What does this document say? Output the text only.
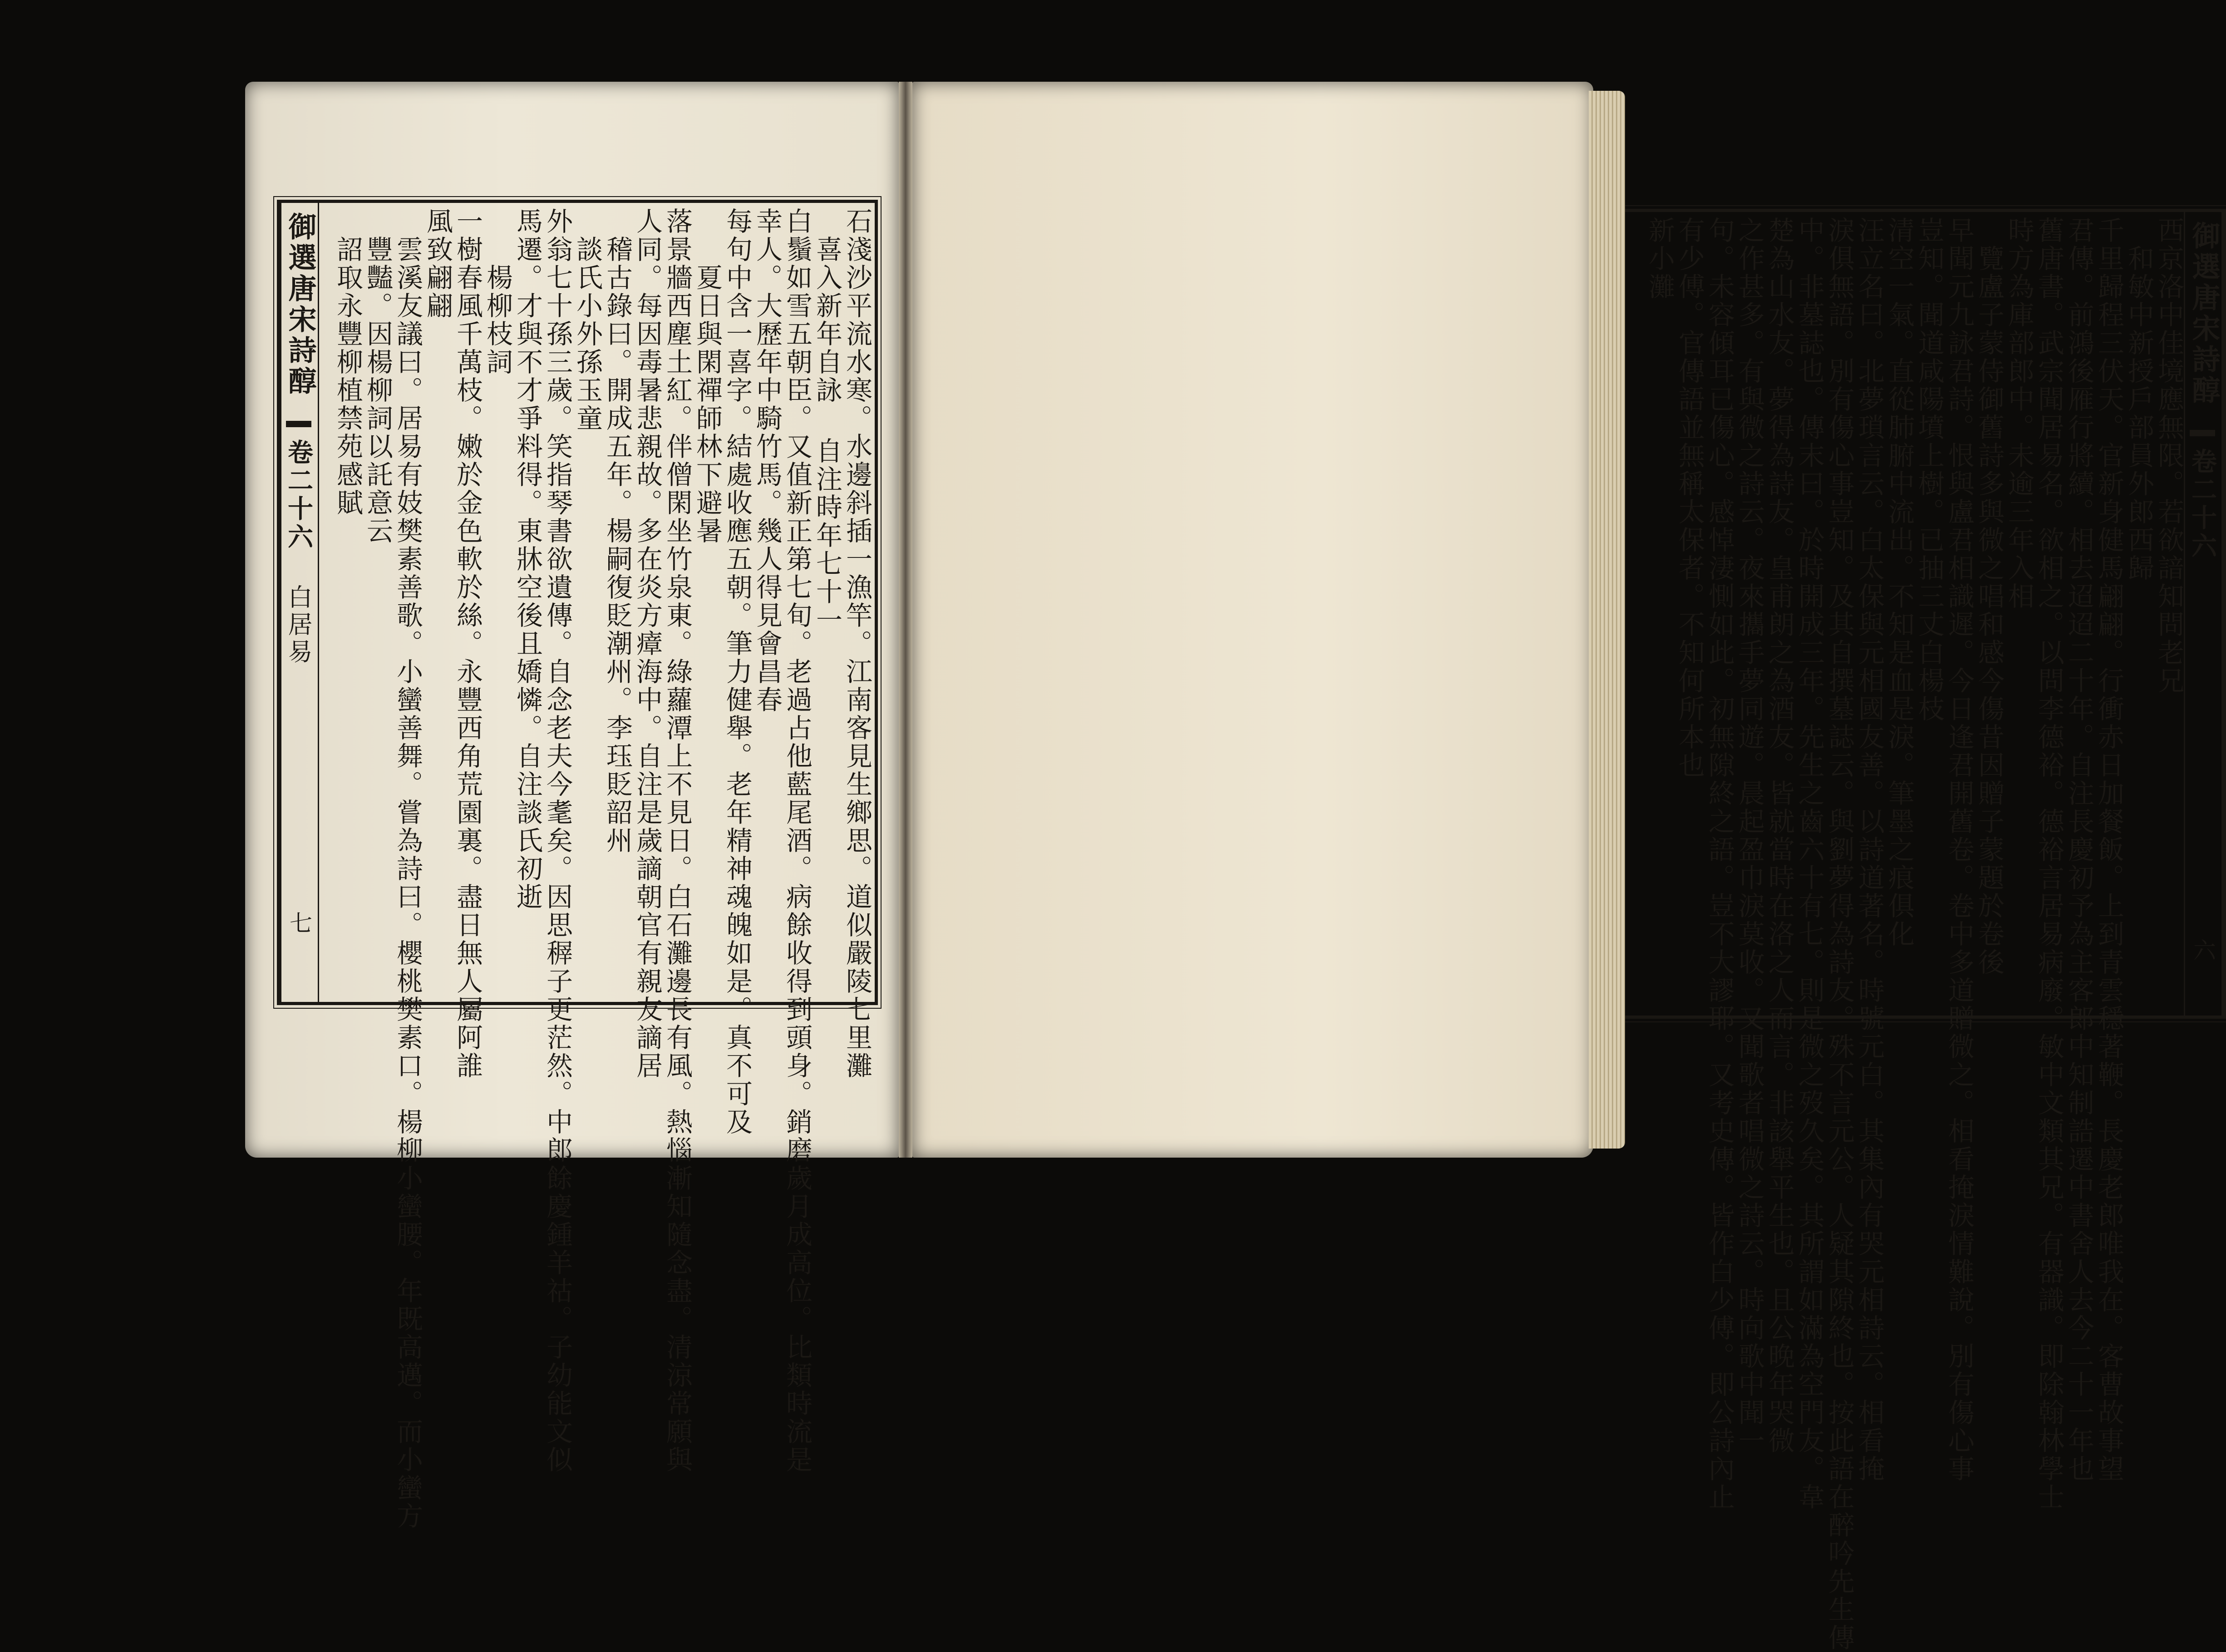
御選唐宋詩醇
卷二十六
白居易
七	石淺沙平流水寒。水邊斜插一漁竿。江南客見生鄉思。道似嚴陵七里灘
喜入新年自詠 自注時年七十一
白鬚如雪五朝臣。又值新正第七旬。老過占他藍尾酒。病餘收得到頭身。銷磨歲月成高位。比類時流是
幸人。大歷年中騎竹馬。幾人得見會昌春
每句中含一喜字。結處收應五朝。筆力健舉。老年精神魂魄如是。真不可及
夏日與閑禪師林下避暑
落景牆西塵土紅。伴僧閑坐竹泉東。綠蘿潭上不見日。白石灘邊長有風。熱惱漸知隨念盡。清涼常願與
人同。每因毒暑悲親故。多在炎方瘴海中。自注是歲謫朝官有親友謫居
稽古錄曰。開成五年。楊嗣復貶潮州。李珏貶韶州
談氏小外孫玉童
外翁七十孫三歲。笑指琴書欲遺傳。自念老夫今耄矣。因思稺子更茫然。中郎餘慶鍾羊祜。子幼能文似
馬遷。才與不才爭料得。東牀空後且嬌憐。自注談氏初逝
楊柳枝詞
一樹春風千萬枝。嫩於金色軟於絲。永豐西角荒園裏。盡日無人屬阿誰
風致翩翩
雲溪友議曰。居易有妓樊素善歌。小蠻善舞。嘗為詩曰。櫻桃樊素口。楊柳小蠻腰。年既高邁。而小蠻方
豐豔。因楊柳詞以託意云
詔取永豐柳植禁苑感賦	御選唐宋詩醇
卷二十六
六
西京洛中佳境應無限。若欲諳知問老兄
和敏中新授戶部員外郎西歸
千里歸程三伏天。官新身健馬翩翩。行衝赤日加餐飯。上到青雲穩著鞭。長慶老郎唯我在。客曹故事望
君傳。前鴻後雁行將續。相去迢迢二十年。自注長慶初予為主客郎中知制誥遷中書舍人去今二十一年也
舊唐書。武宗聞居易名。欲相之。以問李德裕。德裕言居易病廢。敏中文類其兄。有器識。即除翰林學士
時方為庫部郎中。未逾三年入相
覽盧子蒙侍御舊詩多與微之唱和感今傷昔因贈子蒙題於卷後
早聞元九詠君詩。恨與盧君相識遲。今日逢君開舊卷。卷中多道贈微之。相看掩淚情難說。別有傷心事
豈知。聞道咸陽墳上樹。已抽三丈白楊枝
清空一氣。直從肺腑中流出。不知是血是淚。筆墨之痕俱化
汪立名曰。北夢瑣言云。白太保與元相國友善。以詩道著名。時號元白。其集內有哭元相詩云。相看掩
淚俱無語。別有傷心事豈知。及其自撰墓誌云。與劉夢得為詩友。殊不言元公。人疑其隙終也。按此語在醉吟先生傳
中。非墓誌也。傳末曰。於時開成三年。先生之齒六十有七。則是微之歿久矣。其所謂如滿為空門友。韋
楚為山水友。夢得為詩友。皇甫朗之為酒友。皆就當時在洛之人而言。非該舉平生也。且公晚年哭微
之作甚多。有與微之詩云。夜來攜手夢同遊。晨起盈巾淚莫收。又聞歌者唱微之詩云。時向歌中聞一
句。未容傾耳已傷心。感悼淒惻如此。初無隙終之語。豈不大謬耶。又考史傳。皆作白少傅。即公詩內止
有少傅。官傳語並無稱太保者。不知何所本也
新小灘
